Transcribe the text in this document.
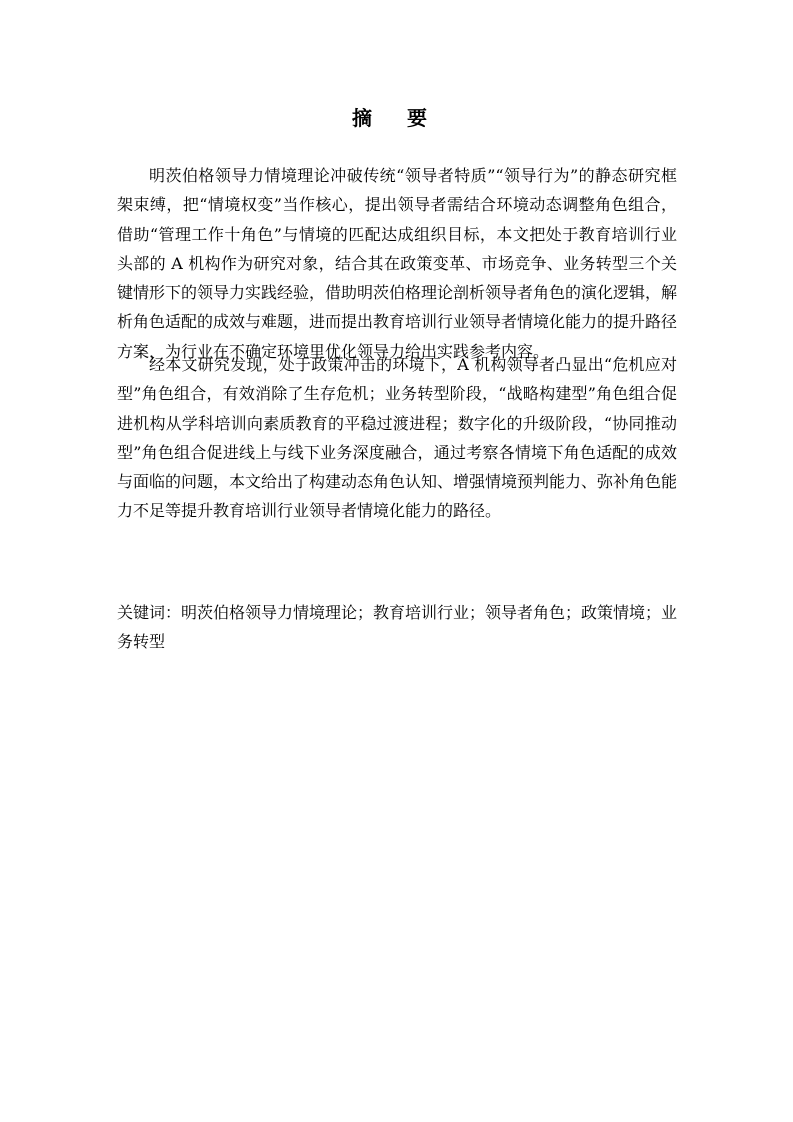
摘 要

明茨伯格领导力情境理论冲破传统“领导者特质”“领导行为”的静态研究框架束缚，把“情境权变”当作核心，提出领导者需结合环境动态调整角色组合，借助“管理工作十角色”与情境的匹配达成组织目标，本文把处于教育培训行业头部的 A 机构作为研究对象，结合其在政策变革、市场竞争、业务转型三个关键情形下的领导力实践经验，借助明茨伯格理论剖析领导者角色的演化逻辑，解析角色适配的成效与难题，进而提出教育培训行业领导者情境化能力的提升路径方案，为行业在不确定环境里优化领导力给出实践参考内容。

经本文研究发现，处于政策冲击的环境下，A 机构领导者凸显出“危机应对型”角色组合，有效消除了生存危机；业务转型阶段，“战略构建型”角色组合促进机构从学科培训向素质教育的平稳过渡进程；数字化的升级阶段，“协同推动型”角色组合促进线上与线下业务深度融合，通过考察各情境下角色适配的成效与面临的问题，本文给出了构建动态角色认知、增强情境预判能力、弥补角色能力不足等提升教育培训行业领导者情境化能力的路径。

关键词：明茨伯格领导力情境理论；教育培训行业；领导者角色；政策情境；业务转型
